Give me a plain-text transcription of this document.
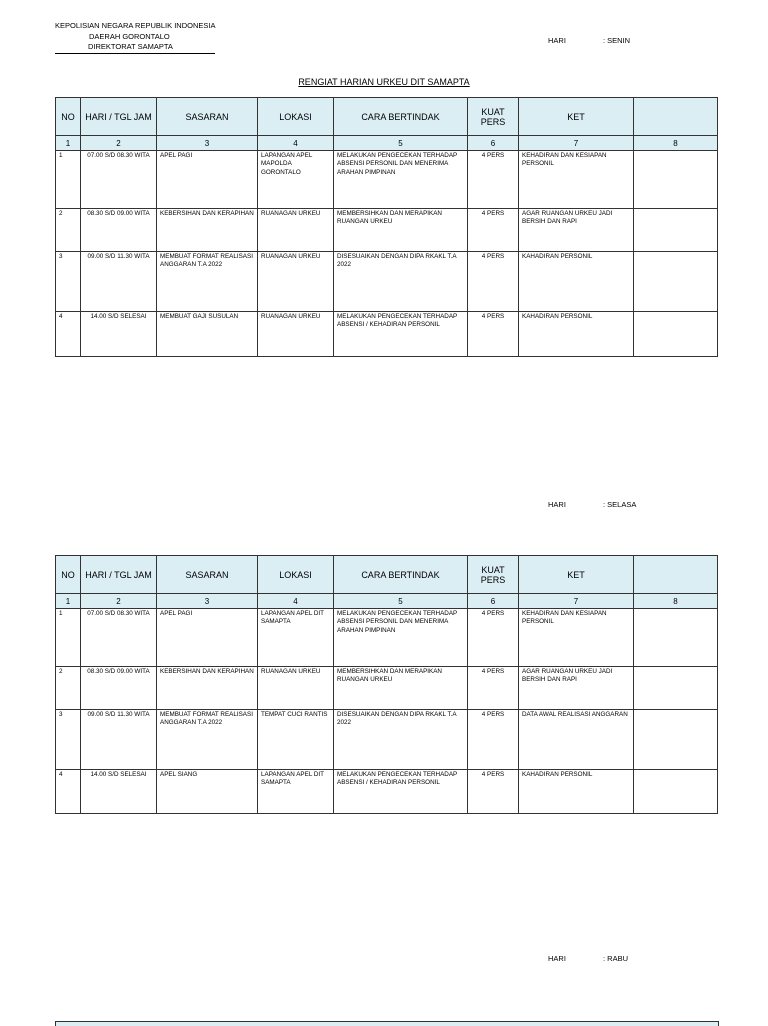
KEPOLISIAN NEGARA REPUBLIK INDONESIA
DAERAH GORONTALO
DIREKTORAT SAMAPTA
HARI	: SENIN
RENGIAT HARIAN URKEU DIT SAMAPTA
NO	HARI / TGL JAM	SASARAN	LOKASI	CARA BERTINDAK	KUAT PERS	KET	
1	2	3	4	5	6	7	8
1	07.00 S/D 08.30 WITA	APEL PAGI	LAPANGAN APEL MAPOLDA GORONTALO	MELAKUKAN PENGECEKAN TERHADAP ABSENSI PERSONIL DAN MENERIMA ARAHAN PIMPINAN	4 PERS	KEHADIRAN DAN KESIAPAN PERSONIL	
2	08.30 S/D 09.00 WITA	KEBERSIHAN DAN KERAPIHAN	RUANAGAN URKEU	MEMBERSIHKAN DAN MERAPIKAN RUANGAN URKEU	4 PERS	AGAR RUANGAN URKEU JADI BERSIH DAN RAPI	
3	09.00 S/D 11.30 WITA	MEMBUAT FORMAT REALISASI ANGGARAN T.A 2022	RUANAGAN URKEU	DISESUAIKAN DENGAN DIPA RKAKL T.A 2022	4 PERS	KAHADIRAN PERSONIL	
4	14.00 S/D SELESAI	MEMBUAT GAJI SUSULAN	RUANAGAN URKEU	MELAKUKAN PENGECEKAN TERHADAP ABSENSI / KEHADIRAN PERSONIL	4 PERS	KAHADIRAN PERSONIL	
HARI	: SELASA
NO	HARI / TGL JAM	SASARAN	LOKASI	CARA BERTINDAK	KUAT PERS	KET	
1	2	3	4	5	6	7	8
1	07.00 S/D 08.30 WITA	APEL PAGI	LAPANGAN APEL DIT SAMAPTA	MELAKUKAN PENGECEKAN TERHADAP ABSENSI PERSONIL DAN MENERIMA ARAHAN PIMPINAN	4 PERS	KEHADIRAN DAN KESIAPAN PERSONIL	
2	08.30 S/D 09.00 WITA	KEBERSIHAN DAN KERAPIHAN	RUANAGAN URKEU	MEMBERSIHKAN DAN MERAPIKAN RUANGAN URKEU	4 PERS	AGAR RUANGAN URKEU JADI BERSIH DAN RAPI	
3	09.00 S/D 11.30 WITA	MEMBUAT FORMAT REALISASI ANGGARAN T.A 2022	TEMPAT CUCI RANTIS	DISESUAIKAN DENGAN DIPA RKAKL T.A 2022	4 PERS	DATA AWAL REALISASI ANGGARAN	
4	14.00 S/D SELESAI	APEL SIANG	LAPANGAN APEL DIT SAMAPTA	MELAKUKAN PENGECEKAN TERHADAP ABSENSI / KEHADIRAN PERSONIL	4 PERS	KAHADIRAN PERSONIL	
HARI	: RABU
